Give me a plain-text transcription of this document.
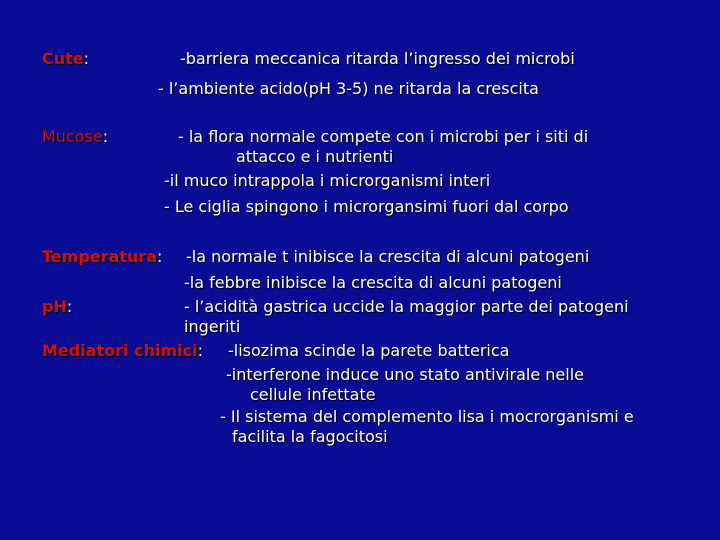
Cute:	-barriera meccanica ritarda l’ingresso dei microbi
- l’ambiente acido(pH 3-5) ne ritarda la crescita
Mucose:	- la flora normale compete con i microbi per i siti di
attacco e i nutrienti
-il muco intrappola i microrganismi interi
- Le ciglia spingono i microrgansimi fuori dal corpo
Temperatura: -la normale t inibisce la crescita di alcuni patogeni
-la febbre inibisce la crescita di alcuni patogeni
pH:	- l’acidità gastrica uccide la maggior parte dei patogeni
ingeriti
Mediatori chimici: -lisozima scinde la parete batterica
-interferone induce uno stato antivirale nelle
cellule infettate
- Il sistema del complemento lisa i mocrorganismi e
facilita la fagocitosi
